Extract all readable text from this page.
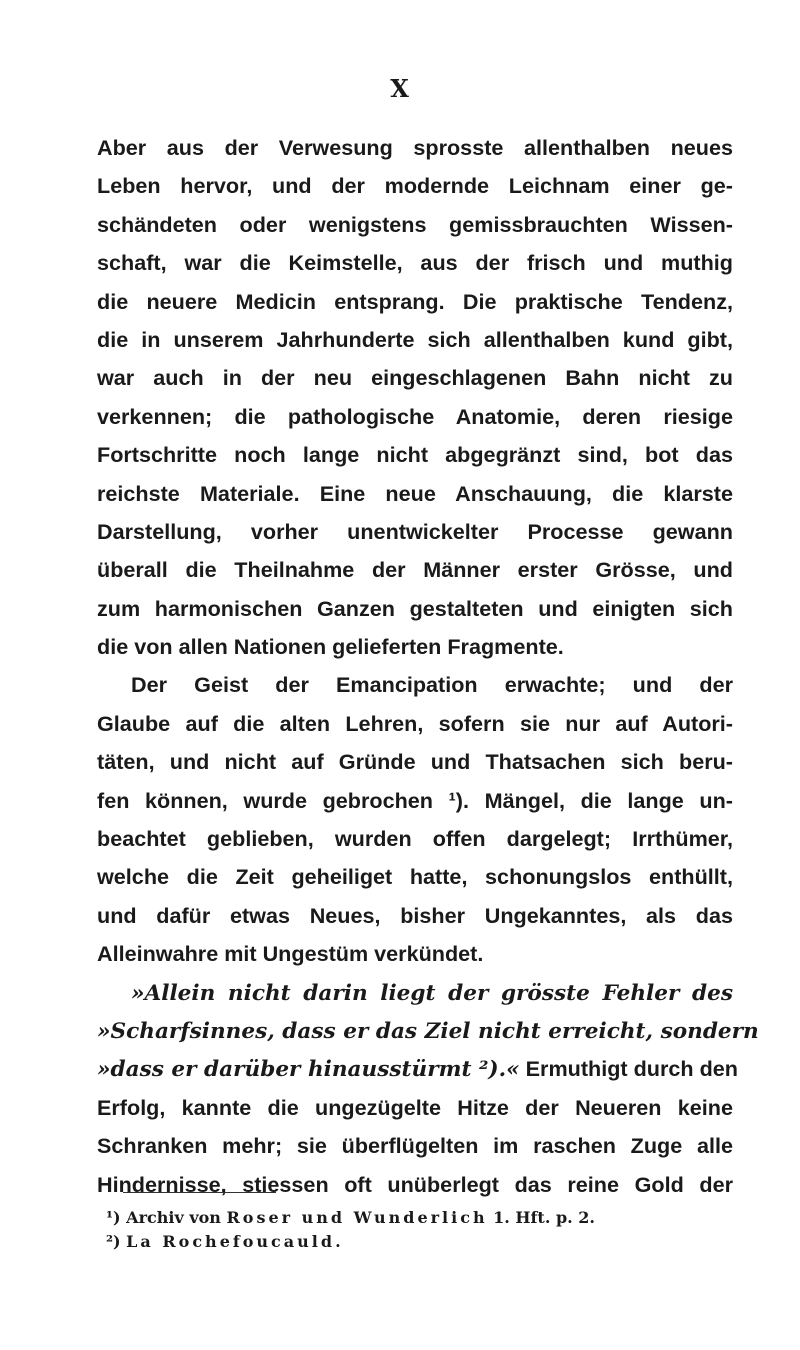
X
Aber aus der Verwesung sprosste allenthalben neues
Leben hervor, und der modernde Leichnam einer ge-
schändeten oder wenigstens gemissbrauchten Wissen-
schaft, war die Keimstelle, aus der frisch und muthig
die neuere Medicin entsprang. Die praktische Tendenz,
die in unserem Jahrhunderte sich allenthalben kund gibt,
war auch in der neu eingeschlagenen Bahn nicht zu
verkennen; die pathologische Anatomie, deren riesige
Fortschritte noch lange nicht abgegränzt sind, bot das
reichste Materiale. Eine neue Anschauung, die klarste
Darstellung, vorher unentwickelter Processe gewann
überall die Theilnahme der Männer erster Grösse, und
zum harmonischen Ganzen gestalteten und einigten sich
die von allen Nationen gelieferten Fragmente.
Der Geist der Emancipation erwachte; und der
Glaube auf die alten Lehren, sofern sie nur auf Autori-
täten, und nicht auf Gründe und Thatsachen sich beru-
fen können, wurde gebrochen ¹). Mängel, die lange un-
beachtet geblieben, wurden offen dargelegt; Irrthümer,
welche die Zeit geheiliget hatte, schonungslos enthüllt,
und dafür etwas Neues, bisher Ungekanntes, als das
Alleinwahre mit Ungestüm verkündet.
»Allein nicht darin liegt der grösste Fehler des
»Scharfsinnes, dass er das Ziel nicht erreicht, sondern
»dass er darüber hinausstürmt ²).« Ermuthigt durch den
Erfolg, kannte die ungezügelte Hitze der Neueren keine
Schranken mehr; sie überflügelten im raschen Zuge alle
Hindernisse, stiessen oft unüberlegt das reine Gold der
¹) Archiv von Roser und Wunderlich 1. Hft. p. 2.
²) La Rochefoucauld.
